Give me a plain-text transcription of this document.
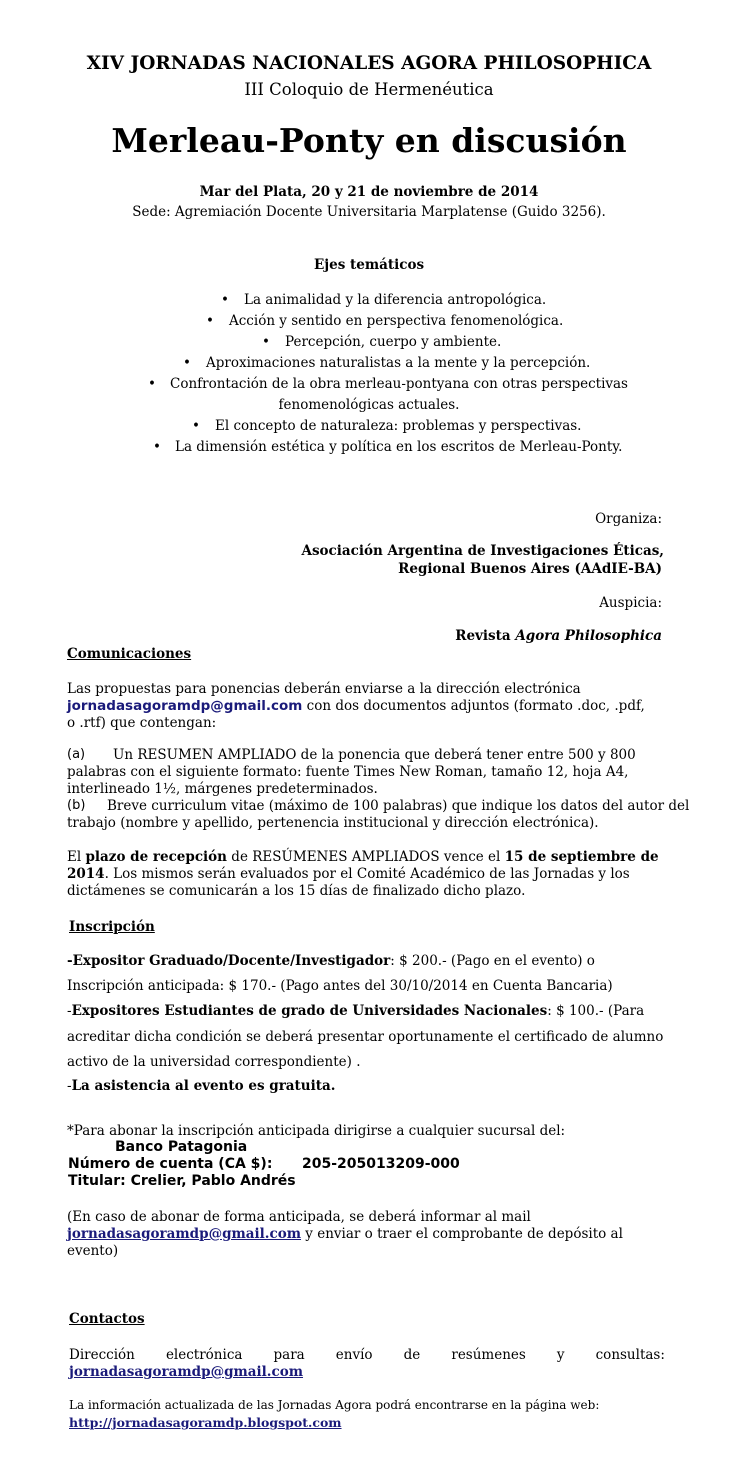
XIV JORNADAS NACIONALES AGORA PHILOSOPHICA
III Coloquio de Hermenéutica
Merleau-Ponty en discusión
Mar del Plata, 20 y 21 de noviembre de 2014
Sede: Agremiación Docente Universitaria Marplatense (Guido 3256).
Ejes temáticos
• La animalidad y la diferencia antropológica.
• Acción y sentido en perspectiva fenomenológica.
• Percepción, cuerpo y ambiente.
• Aproximaciones naturalistas a la mente y la percepción.
• Confrontación de la obra merleau-pontyana con otras perspectivas
fenomenológicas actuales.
• El concepto de naturaleza: problemas y perspectivas.
• La dimensión estética y política en los escritos de Merleau-Ponty.
Organiza:
Asociación Argentina de Investigaciones Éticas,
Regional Buenos Aires (AAdIE-BA)
Auspicia:
Revista Agora Philosophica
Comunicaciones
Las propuestas para ponencias deberán enviarse a la dirección electrónica
jornadasagoramdp@gmail.com con dos documentos adjuntos (formato .doc, .pdf,
o .rtf) que contengan:
(a) Un RESUMEN AMPLIADO de la ponencia que deberá tener entre 500 y 800
palabras con el siguiente formato: fuente Times New Roman, tamaño 12, hoja A4,
interlineado 1½, márgenes predeterminados.
(b) Breve curriculum vitae (máximo de 100 palabras) que indique los datos del autor del
trabajo (nombre y apellido, pertenencia institucional y dirección electrónica).
El plazo de recepción de RESÚMENES AMPLIADOS vence el 15 de septiembre de
2014. Los mismos serán evaluados por el Comité Académico de las Jornadas y los
dictámenes se comunicarán a los 15 días de finalizado dicho plazo.
Inscripción
-Expositor Graduado/Docente/Investigador: $ 200.- (Pago en el evento) o
Inscripción anticipada: $ 170.- (Pago antes del 30/10/2014 en Cuenta Bancaria)
-Expositores Estudiantes de grado de Universidades Nacionales: $ 100.- (Para
acreditar dicha condición se deberá presentar oportunamente el certificado de alumno
activo de la universidad correspondiente) .
-La asistencia al evento es gratuita.
*Para abonar la inscripción anticipada dirigirse a cualquier sucursal del:
Banco Patagonia
Número de cuenta (CA $): 205-205013209-000
Titular: Crelier, Pablo Andrés
(En caso de abonar de forma anticipada, se deberá informar al mail
jornadasagoramdp@gmail.com y enviar o traer el comprobante de depósito al
evento)
Contactos
Dirección electrónica para envío de resúmenes y consultas:
jornadasagoramdp@gmail.com
La información actualizada de las Jornadas Agora podrá encontrarse en la página web:
http://jornadasagoramdp.blogspot.com
